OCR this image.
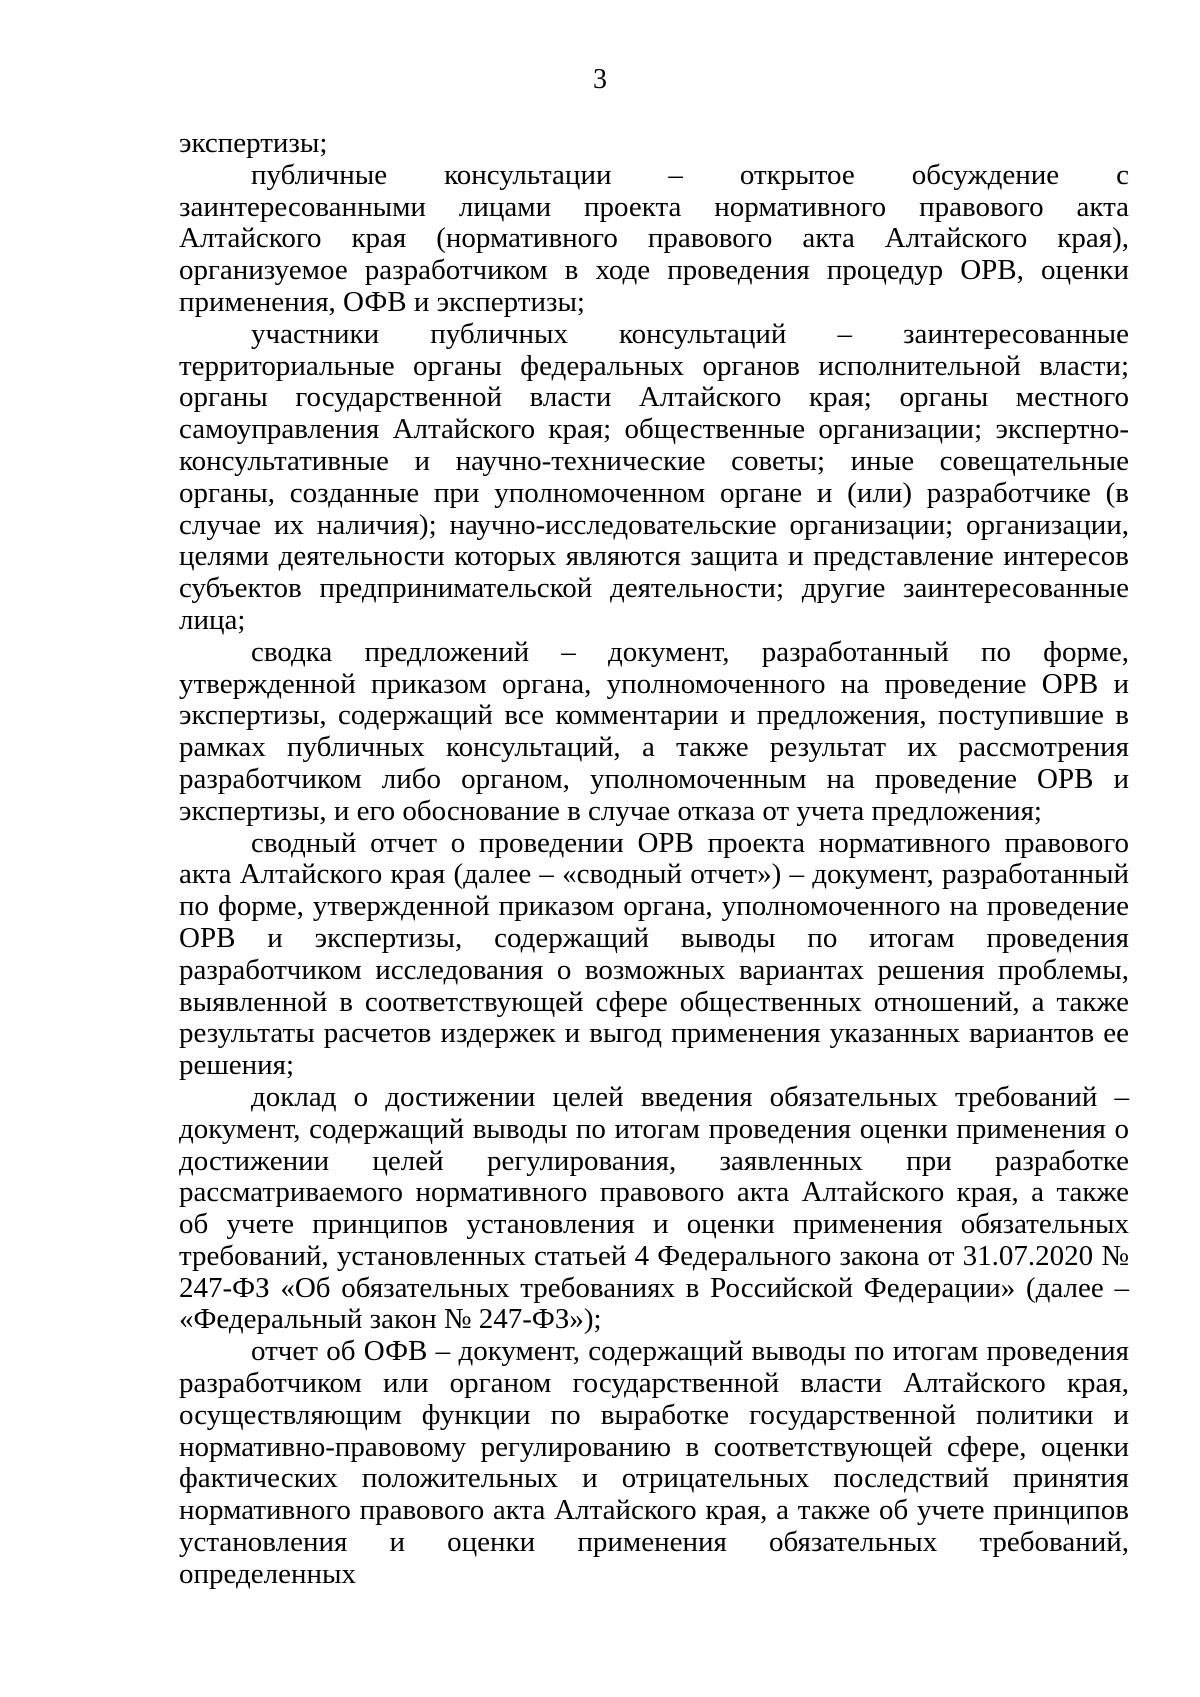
3

экспертизы;

публичные консультации – открытое обсуждение с заинтересованными лицами проекта нормативного правового акта Алтайского края (нормативного правового акта Алтайского края), организуемое разработчиком в ходе проведения процедур ОРВ, оценки применения, ОФВ и экспертизы;

участники публичных консультаций – заинтересованные территориальные органы федеральных органов исполнительной власти; органы государственной власти Алтайского края; органы местного самоуправления Алтайского края; общественные организации; экспертно-консультативные и научно-технические советы; иные совещательные органы, созданные при уполномоченном органе и (или) разработчике (в случае их наличия); научно-исследовательские организации; организации, целями деятельности которых являются защита и представление интересов субъектов предпринимательской деятельности; другие заинтересованные лица;

сводка предложений – документ, разработанный по форме, утвержденной приказом органа, уполномоченного на проведение ОРВ и экспертизы, содержащий все комментарии и предложения, поступившие в рамках публичных консультаций, а также результат их рассмотрения разработчиком либо органом, уполномоченным на проведение ОРВ и экспертизы, и его обоснование в случае отказа от учета предложения;

сводный отчет о проведении ОРВ проекта нормативного правового акта Алтайского края (далее – «сводный отчет») – документ, разработанный по форме, утвержденной приказом органа, уполномоченного на проведение ОРВ и экспертизы, содержащий выводы по итогам проведения разработчиком исследования о возможных вариантах решения проблемы, выявленной в соответствующей сфере общественных отношений, а также результаты расчетов издержек и выгод применения указанных вариантов ее решения;

доклад о достижении целей введения обязательных требований – документ, содержащий выводы по итогам проведения оценки применения о достижении целей регулирования, заявленных при разработке рассматриваемого нормативного правового акта Алтайского края, а также об учете принципов установления и оценки применения обязательных требований, установленных статьей 4 Федерального закона от 31.07.2020 № 247-ФЗ «Об обязательных требованиях в Российской Федерации» (далее – «Федеральный закон № 247-ФЗ»);

отчет об ОФВ – документ, содержащий выводы по итогам проведения разработчиком или органом государственной власти Алтайского края, осуществляющим функции по выработке государственной политики и нормативно-правовому регулированию в соответствующей сфере, оценки фактических положительных и отрицательных последствий принятия нормативного правового акта Алтайского края, а также об учете принципов установления и оценки применения обязательных требований, определенных
